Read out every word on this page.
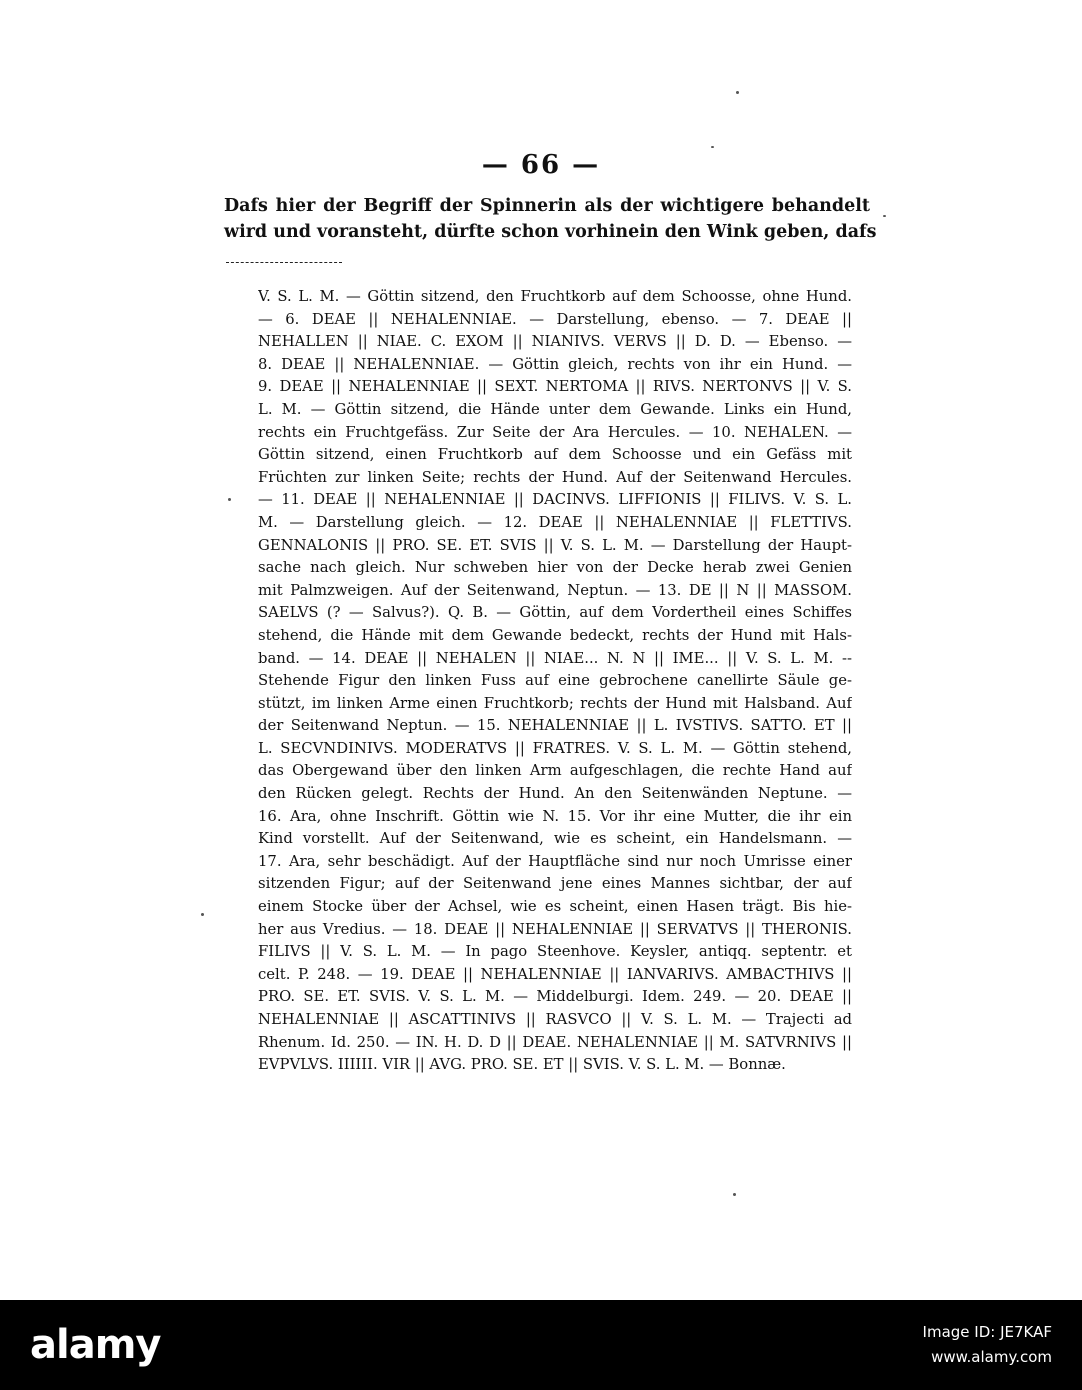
— 66 —
Dafs hier der Begriff der Spinnerin als der wichtigere behandelt
wird und voransteht, dürfte schon vorhinein den Wink geben, dafs
V. S. L. M. — Göttin sitzend, den Fruchtkorb auf dem Schoosse, ohne Hund.
— 6. DEAE || NEHALENNIAE. — Darstellung, ebenso. — 7. DEAE ||
NEHALLEN || NIAE. C. EXOM || NIANIVS. VERVS || D. D. — Ebenso. —
8. DEAE || NEHALENNIAE. — Göttin gleich, rechts von ihr ein Hund. —
9. DEAE || NEHALENNIAE || SEXT. NERTOMA || RIVS. NERTONVS || V. S.
L. M. — Göttin sitzend, die Hände unter dem Gewande. Links ein Hund,
rechts ein Fruchtgefäss. Zur Seite der Ara Hercules. — 10. NEHALEN. —
Göttin sitzend, einen Fruchtkorb auf dem Schoosse und ein Gefäss mit
Früchten zur linken Seite; rechts der Hund. Auf der Seitenwand Hercules.
— 11. DEAE || NEHALENNIAE || DACINVS. LIFFIONIS || FILIVS. V. S. L.
M. — Darstellung gleich. — 12. DEAE || NEHALENNIAE || FLETTIVS.
GENNALONIS || PRO. SE. ET. SVIS || V. S. L. M. — Darstellung der Haupt-
sache nach gleich. Nur schweben hier von der Decke herab zwei Genien
mit Palmzweigen. Auf der Seitenwand, Neptun. — 13. DE || N || MASSOM.
SAELVS (? — Salvus?). Q. B. — Göttin, auf dem Vordertheil eines Schiffes
stehend, die Hände mit dem Gewande bedeckt, rechts der Hund mit Hals-
band. — 14. DEAE || NEHALEN || NIAE... N. N || IME... || V. S. L. M. --
Stehende Figur den linken Fuss auf eine gebrochene canellirte Säule ge-
stützt, im linken Arme einen Fruchtkorb; rechts der Hund mit Halsband. Auf
der Seitenwand Neptun. — 15. NEHALENNIAE || L. IVSTIVS. SATTO. ET ||
L. SECVNDINIVS. MODERATVS || FRATRES. V. S. L. M. — Göttin stehend,
das Obergewand über den linken Arm aufgeschlagen, die rechte Hand auf
den Rücken gelegt. Rechts der Hund. An den Seitenwänden Neptune. —
16. Ara, ohne Inschrift. Göttin wie N. 15. Vor ihr eine Mutter, die ihr ein
Kind vorstellt. Auf der Seitenwand, wie es scheint, ein Handelsmann. —
17. Ara, sehr beschädigt. Auf der Hauptfläche sind nur noch Umrisse einer
sitzenden Figur; auf der Seitenwand jene eines Mannes sichtbar, der auf
einem Stocke über der Achsel, wie es scheint, einen Hasen trägt. Bis hie-
her aus Vredius. — 18. DEAE || NEHALENNIAE || SERVATVS || THERONIS.
FILIVS || V. S. L. M. — In pago Steenhove. Keysler, antiqq. septentr. et
celt. P. 248. — 19. DEAE || NEHALENNIAE || IANVARIVS. AMBACTHIVS ||
PRO. SE. ET. SVIS. V. S. L. M. — Middelburgi. Idem. 249. — 20. DEAE ||
NEHALENNIAE || ASCATTINIVS || RASVCO || V. S. L. M. — Trajecti ad
Rhenum. Id. 250. — IN. H. D. D || DEAE. NEHALENNIAE || M. SATVRNIVS ||
EVPVLVS. IIIIII. VIR || AVG. PRO. SE. ET || SVIS. V. S. L. M. — Bonnæ.
alamy	Image ID: JE7KAF
www.alamy.com
